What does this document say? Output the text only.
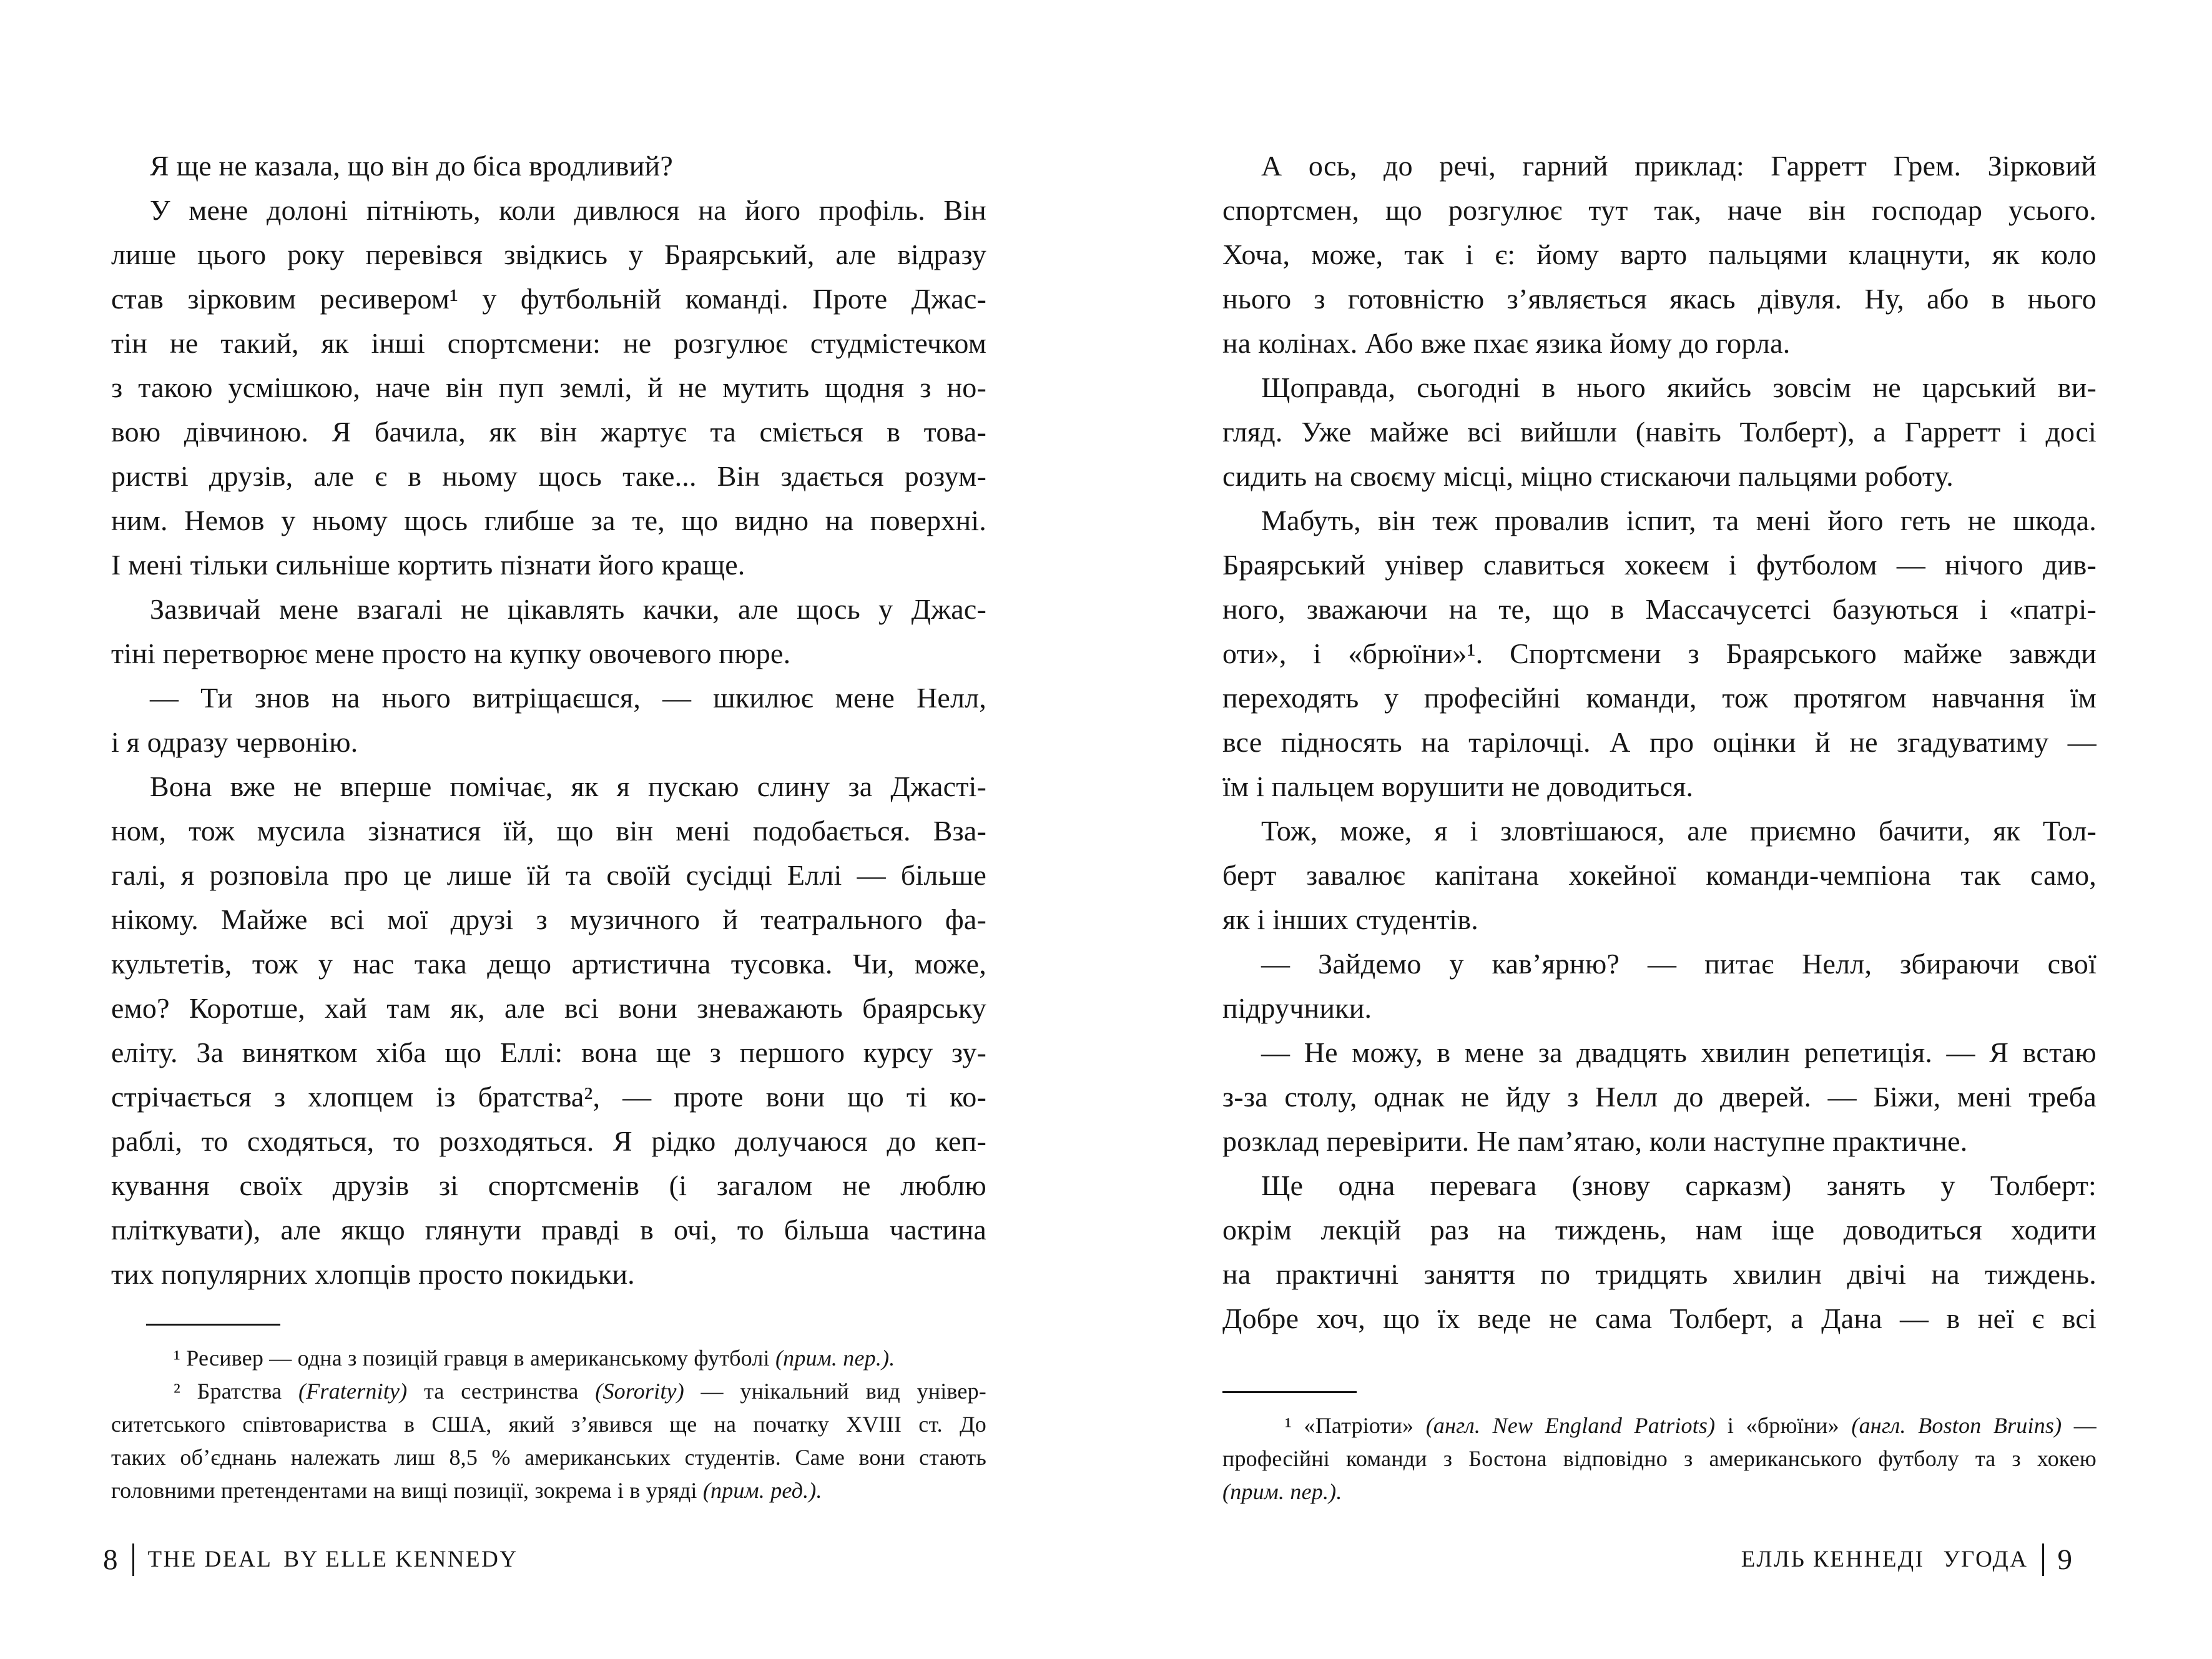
Я ще не казала, що він до біса вродливий?
У мене долоні пітніють, коли дивлюся на його профіль. Він
лише цього року перевівся звідкись у Браярський, але відразу
став зірковим ресивером¹ у футбольній команді. Проте Джас-
тін не такий, як інші спортсмени: не розгулює студмістечком
з такою усмішкою, наче він пуп землі, й не мутить щодня з но-
вою дівчиною. Я бачила, як він жартує та сміється в това-
ристві друзів, але є в ньому щось таке... Він здається розум-
ним. Немов у ньому щось глибше за те, що видно на поверхні.
І мені тільки сильніше кортить пізнати його краще.
Зазвичай мене взагалі не цікавлять качки, але щось у Джас-
тіні перетворює мене просто на купку овочевого пюре.
— Ти знов на нього витріщаєшся, — шкилює мене Нелл,
і я одразу червонію.
Вона вже не вперше помічає, як я пускаю слину за Джасті-
ном, тож мусила зізнатися їй, що він мені подобається. Вза-
галі, я розповіла про це лише їй та своїй сусідці Еллі — більше
нікому. Майже всі мої друзі з музичного й театрального фа-
культетів, тож у нас така дещо артистична тусовка. Чи, може,
емо? Коротше, хай там як, але всі вони зневажають браярську
еліту. За винятком хіба що Еллі: вона ще з першого курсу зу-
стрічається з хлопцем із братства², — проте вони що ті ко-
раблі, то сходяться, то розходяться. Я рідко долучаюся до кеп-
кування своїх друзів зі спортсменів (і загалом не люблю
пліткувати), але якщо глянути правді в очі, то більша частина
тих популярних хлопців просто покидьки.
¹ Ресивер — одна з позицій гравця в американському футболі (прим. пер.).
² Братства (Fraternity) та сестринства (Sorority) — унікальний вид універ-
ситетського співтовариства в США, який з’явився ще на початку XVIII ст. До
таких об’єднань належать лиш 8,5 % американських студентів. Саме вони стають
головними претендентами на вищі позиції, зокрема і в уряді (прим. ред.).
8 THE DEAL BY ELLE KENNEDY
А ось, до речі, гарний приклад: Гарретт Грем. Зірковий
спортсмен, що розгулює тут так, наче він господар усього.
Хоча, може, так і є: йому варто пальцями клацнути, як коло
нього з готовністю з’являється якась дівуля. Ну, або в нього
на колінах. Або вже пхає язика йому до горла.
Щоправда, сьогодні в нього якийсь зовсім не царський ви-
гляд. Уже майже всі вийшли (навіть Толберт), а Гарретт і досі
сидить на своєму місці, міцно стискаючи пальцями роботу.
Мабуть, він теж провалив іспит, та мені його геть не шкода.
Браярський універ славиться хокеєм і футболом — нічого див-
ного, зважаючи на те, що в Массачусетсі базуються і «патрі-
оти», і «брюїни»¹. Спортсмени з Браярського майже завжди
переходять у професійні команди, тож протягом навчання їм
все підносять на тарілочці. А про оцінки й не згадуватиму —
їм і пальцем ворушити не доводиться.
Тож, може, я і зловтішаюся, але приємно бачити, як Тол-
берт завалює капітана хокейної команди-чемпіона так само,
як і інших студентів.
— Зайдемо у кав’ярню? — питає Нелл, збираючи свої
підручники.
— Не можу, в мене за двадцять хвилин репетиція. — Я встаю
з-за столу, однак не йду з Нелл до дверей. — Біжи, мені треба
розклад перевірити. Не пам’ятаю, коли наступне практичне.
Ще одна перевага (знову сарказм) занять у Толберт:
окрім лекцій раз на тиждень, нам іще доводиться ходити
на практичні заняття по тридцять хвилин двічі на тиждень.
Добре хоч, що їх веде не сама Толберт, а Дана — в неї є всі
¹ «Патріоти» (англ. New England Patriots) і «брюїни» (англ. Boston Bruins) —
професійні команди з Бостона відповідно з американського футболу та з хокею
(прим. пер.).
ЕЛЛЬ КЕННЕДІ УГОДА 9
